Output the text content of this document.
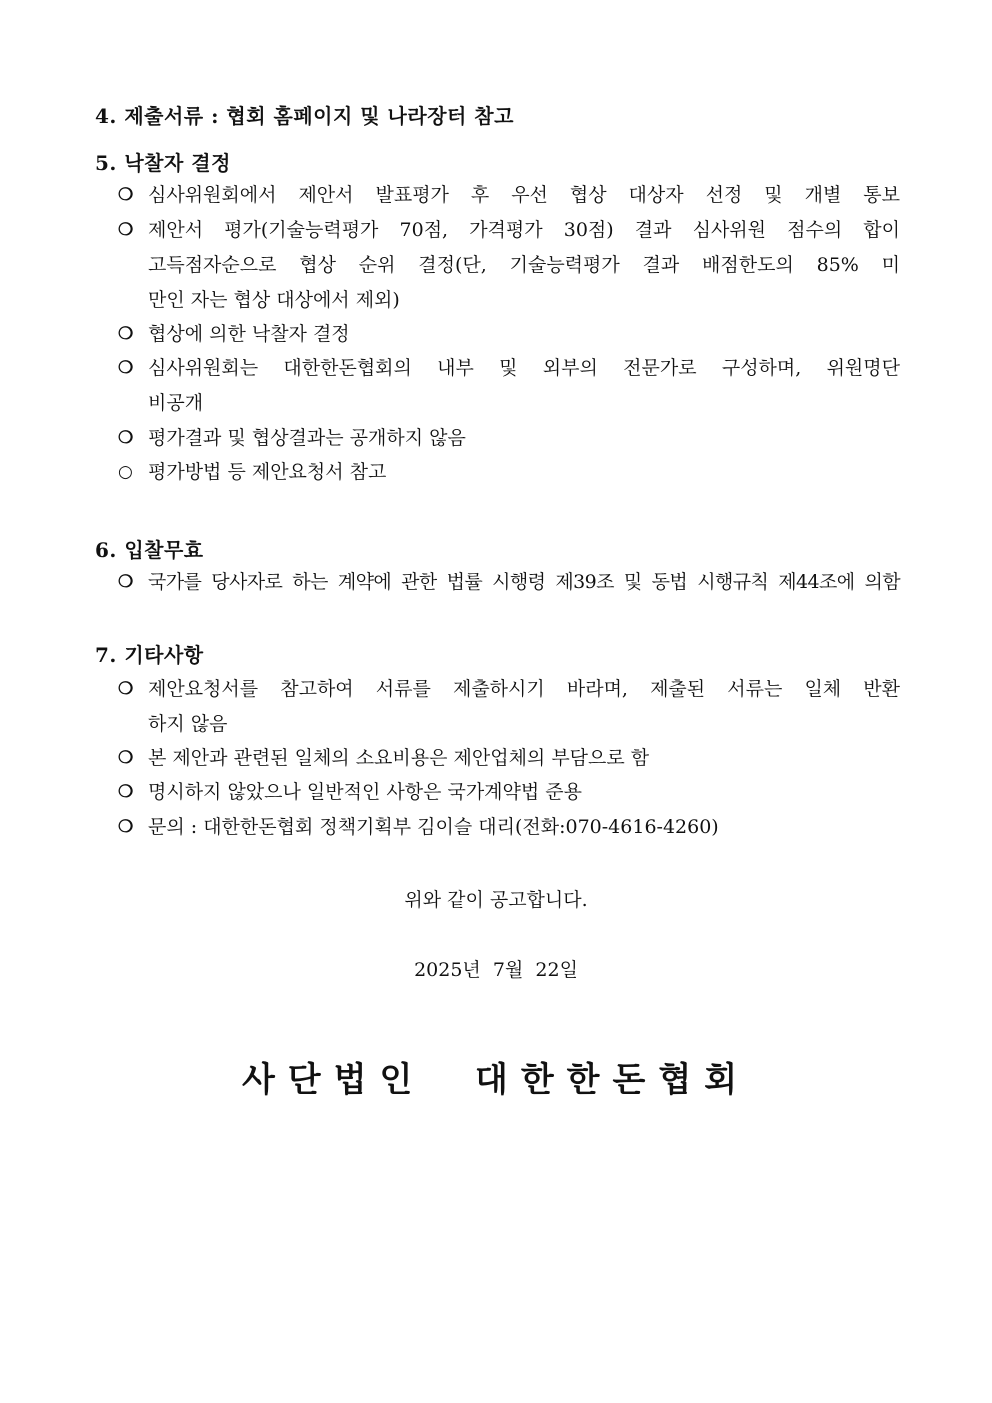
4. 제출서류 : 협회 홈페이지 및 나라장터 참고
5. 낙찰자 결정
❍ 심사위원회에서 제안서 발표평가 후 우선 협상 대상자 선정 및 개별 통보
❍ 제안서 평가(기술능력평가 70점, 가격평가 30점) 결과 심사위원 점수의 합이
고득점자순으로 협상 순위 결정(단, 기술능력평가 결과 배점한도의 85% 미
만인 자는 협상 대상에서 제외)
❍ 협상에 의한 낙찰자 결정
❍ 심사위원회는 대한한돈협회의 내부 및 외부의 전문가로 구성하며, 위원명단
비공개
❍ 평가결과 및 협상결과는 공개하지 않음
○ 평가방법 등 제안요청서 참고
6. 입찰무효
❍ 국가를 당사자로 하는 계약에 관한 법률 시행령 제39조 및 동법 시행규칙 제44조에 의함
7. 기타사항
❍ 제안요청서를 참고하여 서류를 제출하시기 바라며, 제출된 서류는 일체 반환
하지 않음
❍ 본 제안과 관련된 일체의 소요비용은 제안업체의 부담으로 함
❍ 명시하지 않았으나 일반적인 사항은 국가계약법 준용
❍ 문의 : 대한한돈협회 정책기획부 김이슬 대리(전화:070-4616-4260)
위와 같이 공고합니다.
2025년  7월  22일
사단법인  대한한돈협회
